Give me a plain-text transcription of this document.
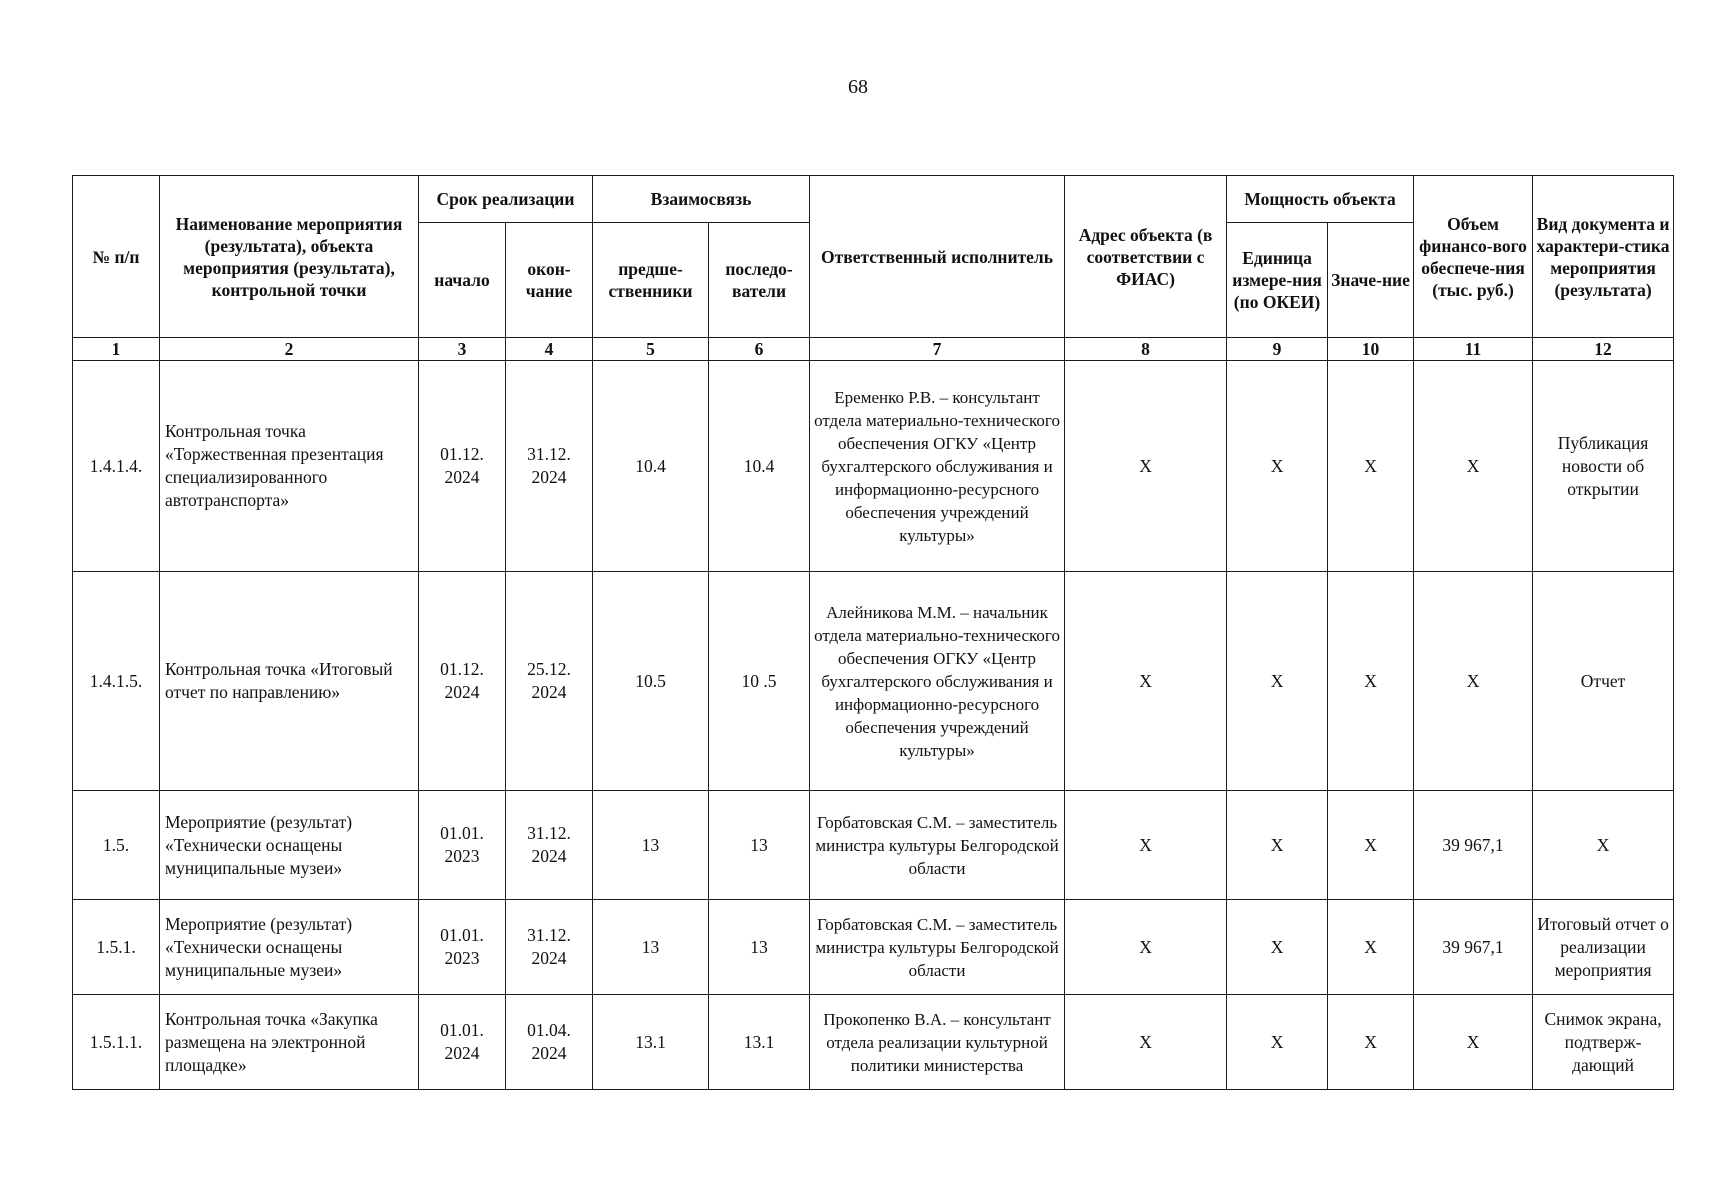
68
№ п/п	Наименование мероприятия (результата), объекта мероприятия (результата), контрольной точки	Срок реализации		Взаимосвязь		Ответственный исполнитель	Адрес объекта (в соответствии с ФИАС)	Мощность объекта		Объем финансо-вого обеспече-ния (тыс. руб.)	Вид документа и характери-стика мероприятия (результата)
		начало	окон-чание	предше-ственники	последо-ватели			Единица измере-ния (по ОКЕИ)	Значе-ние		
1	2	3	4	5	6	7	8	9	10	11	12
1.4.1.4.	Контрольная точка «Торжественная презентация специализированного автотранспорта»	01.12. 2024	31.12. 2024	10.4	10.4	Еременко Р.В. – консультант отдела материально-технического обеспечения ОГКУ «Центр бухгалтерского обслуживания и информационно-ресурсного обеспечения учреждений культуры»	Х	Х	Х	Х	Публикация новости об открытии
1.4.1.5.	Контрольная точка «Итоговый отчет по направлению»	01.12. 2024	25.12. 2024	10.5	10 .5	Алейникова М.М. – начальник отдела материально-технического обеспечения ОГКУ «Центр бухгалтерского обслуживания и информационно-ресурсного обеспечения учреждений культуры»	Х	Х	Х	Х	Отчет
1.5.	Мероприятие (результат) «Технически оснащены муниципальные музеи»	01.01. 2023	31.12. 2024	13	13	Горбатовская С.М. – заместитель министра культуры Белгородской области	Х	Х	Х	39 967,1	Х
1.5.1.	Мероприятие (результат) «Технически оснащены муниципальные музеи»	01.01. 2023	31.12. 2024	13	13	Горбатовская С.М. – заместитель министра культуры Белгородской области	Х	Х	Х	39 967,1	Итоговый отчет о реализации мероприятия
1.5.1.1.	Контрольная точка «Закупка размещена на электронной площадке»	01.01. 2024	01.04. 2024	13.1	13.1	Прокопенко В.А. – консультант отдела реализации культурной политики министерства	Х	Х	Х	Х	Снимок экрана, подтверж-дающий
